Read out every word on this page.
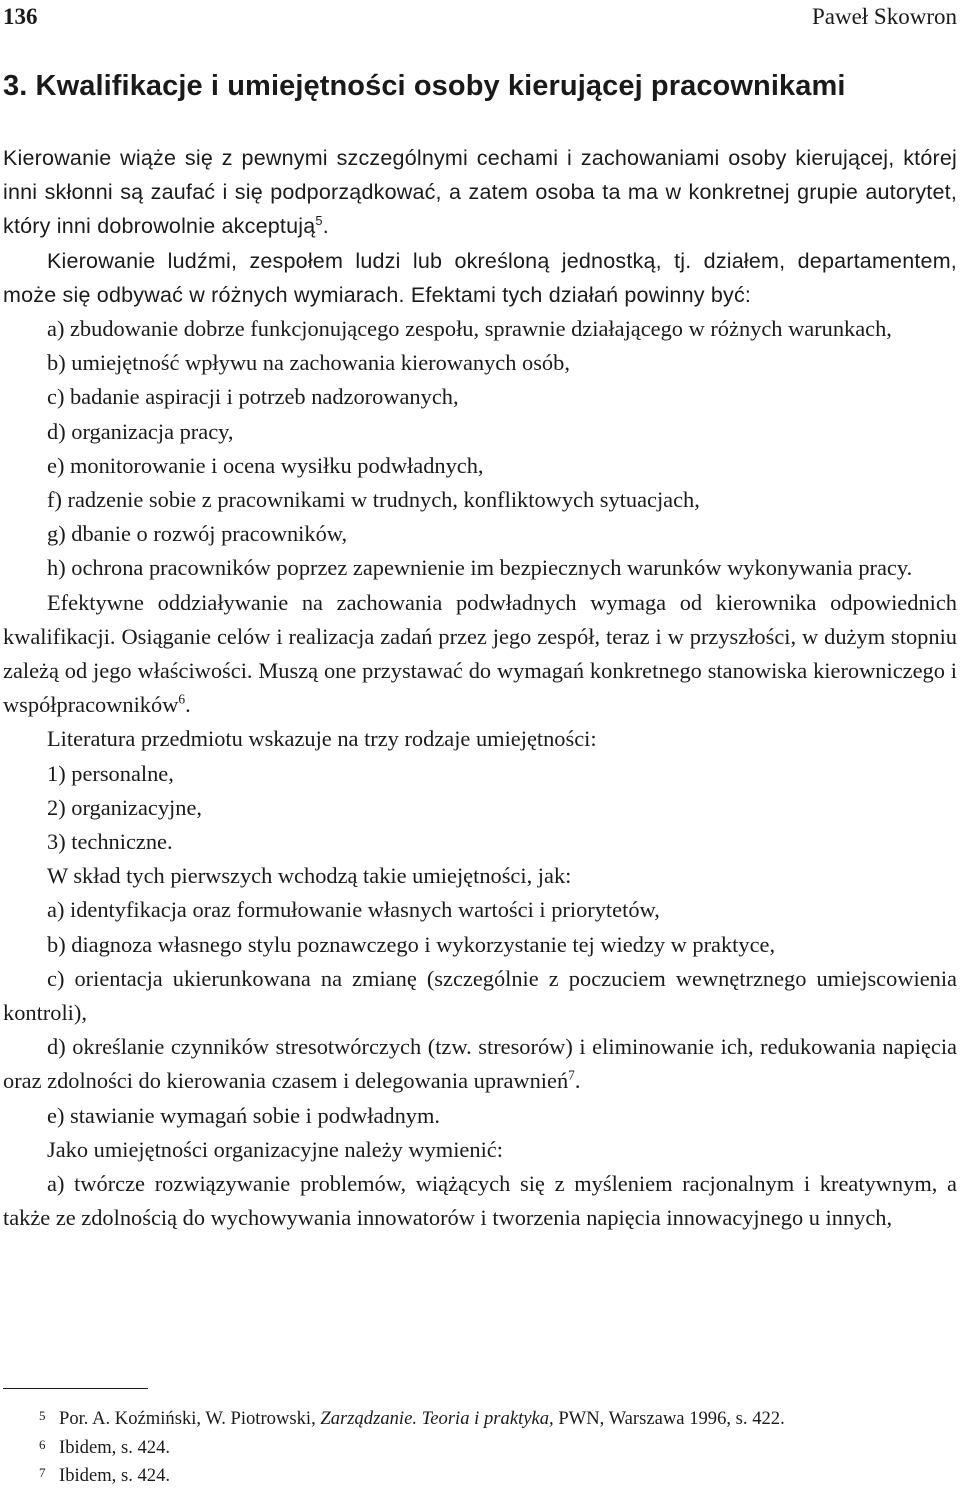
136	Paweł Skowron
3. Kwalifikacje i umiejętności osoby kierującej pracownikami

Kierowanie wiąże się z pewnymi szczególnymi cechami i zachowaniami osoby kierującej, której inni skłonni są zaufać i się podporządkować, a zatem osoba ta ma w konkretnej grupie autorytet, który inni dobrowolnie akceptują$^5$.

Kierowanie ludźmi, zespołem ludzi lub określoną jednostką, tj. działem, departamentem, może się odbywać w różnych wymiarach. Efektami tych działań powinny być:

a) zbudowanie dobrze funkcjonującego zespołu, sprawnie działającego w różnych warunkach,

b) umiejętność wpływu na zachowania kierowanych osób,

c) badanie aspiracji i potrzeb nadzorowanych,

d) organizacja pracy,

e) monitorowanie i ocena wysiłku podwładnych,

f) radzenie sobie z pracownikami w trudnych, konfliktowych sytuacjach,

g) dbanie o rozwój pracowników,

h) ochrona pracowników poprzez zapewnienie im bezpiecznych warunków wykonywania pracy.

Efektywne oddziaływanie na zachowania podwładnych wymaga od kierownika odpowiednich kwalifikacji. Osiąganie celów i realizacja zadań przez jego zespół, teraz i w przyszłości, w dużym stopniu zależą od jego właściwości. Muszą one przystawać do wymagań konkretnego stanowiska kierowniczego i współpracowników$^6$.

Literatura przedmiotu wskazuje na trzy rodzaje umiejętności:

1) personalne,

2) organizacyjne,

3) techniczne.

W skład tych pierwszych wchodzą takie umiejętności, jak:

a) identyfikacja oraz formułowanie własnych wartości i priorytetów,

b) diagnoza własnego stylu poznawczego i wykorzystanie tej wiedzy w praktyce,

c) orientacja ukierunkowana na zmianę (szczególnie z poczuciem wewnętrznego umiejscowienia kontroli),

d) określanie czynników stresotwórczych (tzw. stresorów) i eliminowanie ich, redukowania napięcia oraz zdolności do kierowania czasem i delegowania uprawnień$^7$.

e) stawianie wymagań sobie i podwładnym.

Jako umiejętności organizacyjne należy wymienić:

a) twórcze rozwiązywanie problemów, wiążących się z myśleniem racjonalnym i kreatywnym, a także ze zdolnością do wychowywania innowatorów i tworzenia napięcia innowacyjnego u innych,

5 Por. A. Koźmiński, W. Piotrowski, Zarządzanie. Teoria i praktyka, PWN, Warszawa 1996, s. 422.
6 Ibidem, s. 424.
7 Ibidem, s. 424.
